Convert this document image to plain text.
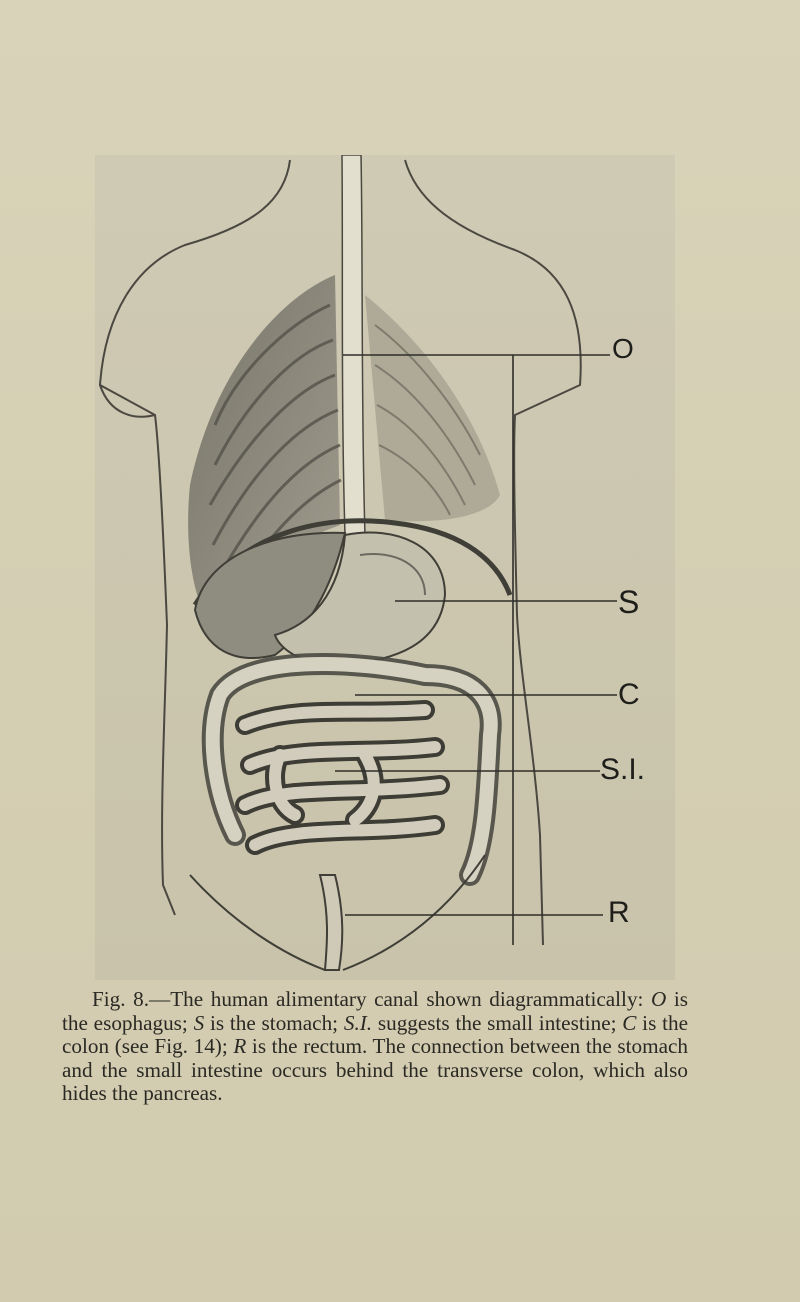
O
S
C
S.I.
R

Fig. 8.—The human alimentary canal shown diagrammatically: O is the esophagus; S is the stomach; S.I. suggests the small intestine; C is the colon (see Fig. 14); R is the rectum. The connection between the stomach and the small intestine occurs behind the transverse colon, which also hides the pancreas.
